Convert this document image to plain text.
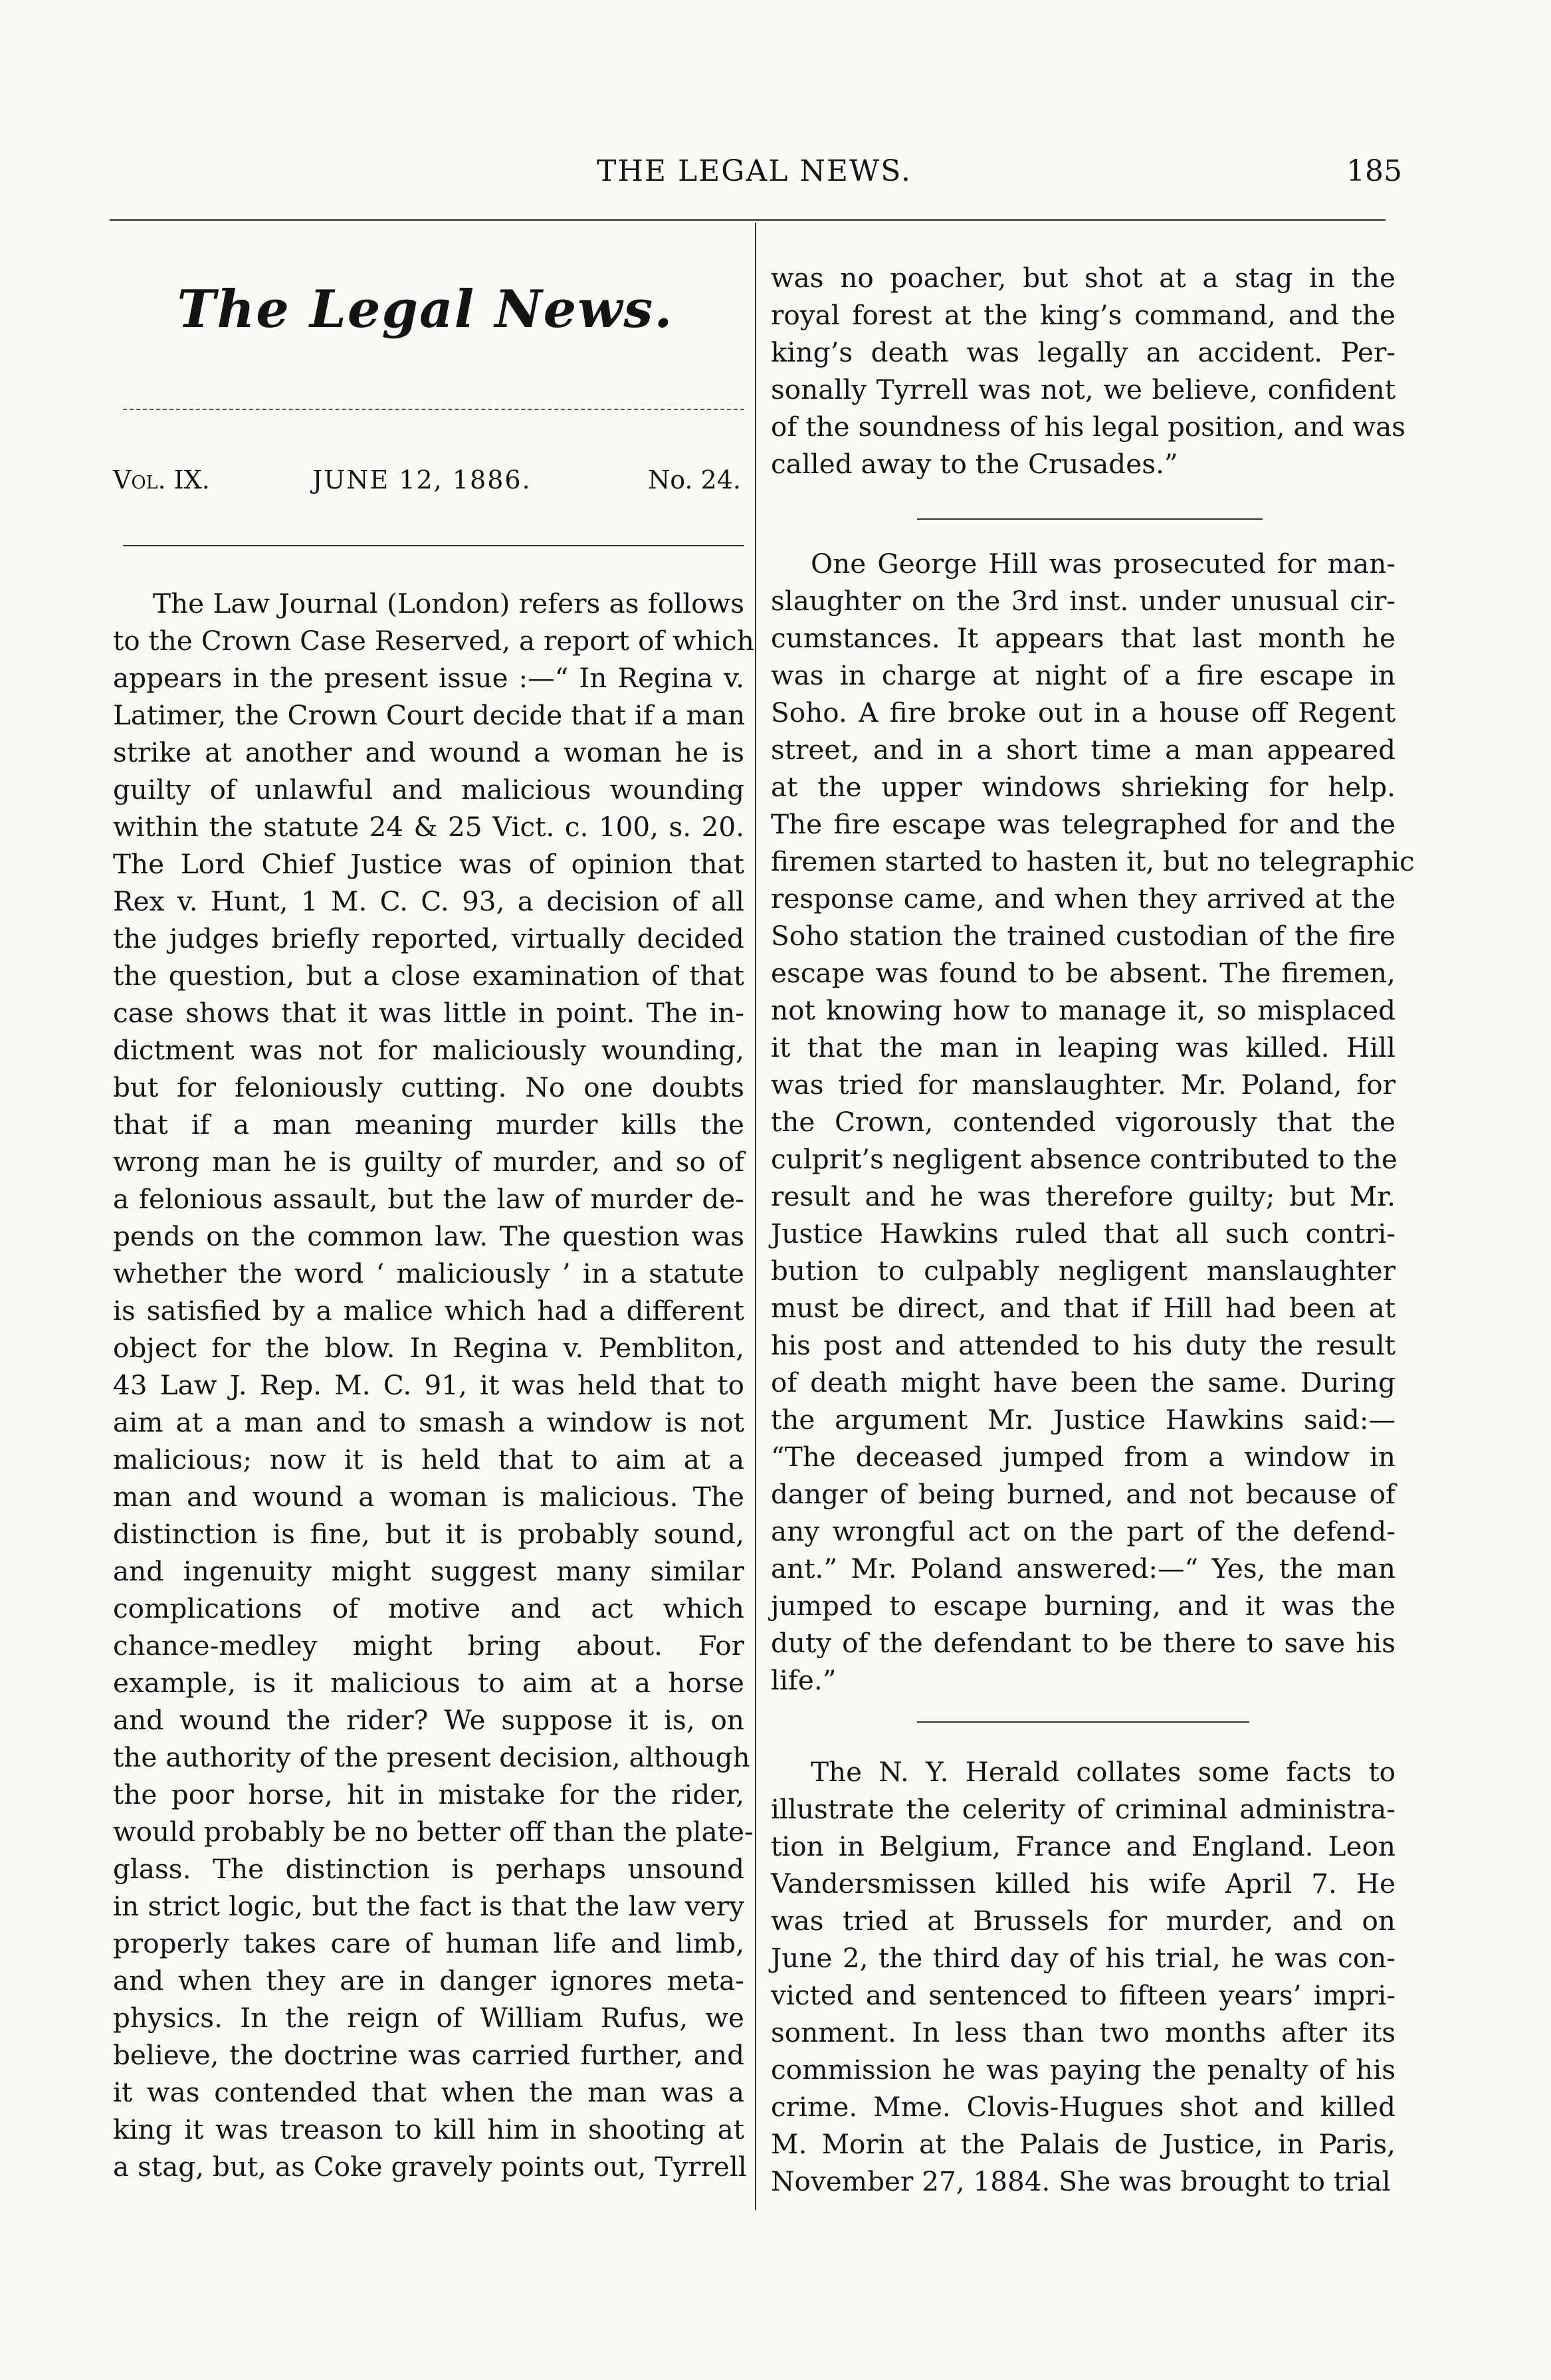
THE LEGAL NEWS.	185
The Legal News.
Vol. IX.	JUNE 12, 1886.	No. 24.
The Law Journal (London) refers as follows
to the Crown Case Reserved, a report of which
appears in the present issue :—“ In Regina v.
Latimer, the Crown Court decide that if a man
strike at another and wound a woman he is
guilty of unlawful and malicious wounding
within the statute 24 & 25 Vict. c. 100, s. 20.
The Lord Chief Justice was of opinion that
Rex v. Hunt, 1 M. C. C. 93, a decision of all
the judges briefly reported, virtually decided
the question, but a close examination of that
case shows that it was little in point. The in-
dictment was not for maliciously wounding,
but for feloniously cutting. No one doubts
that if a man meaning murder kills the
wrong man he is guilty of murder, and so of
a felonious assault, but the law of murder de-
pends on the common law. The question was
whether the word ‘ maliciously ’ in a statute
is satisfied by a malice which had a different
object for the blow. In Regina v. Pembliton,
43 Law J. Rep. M. C. 91, it was held that to
aim at a man and to smash a window is not
malicious; now it is held that to aim at a
man and wound a woman is malicious. The
distinction is fine, but it is probably sound,
and ingenuity might suggest many similar
complications of motive and act which
chance-medley might bring about. For
example, is it malicious to aim at a horse
and wound the rider? We suppose it is, on
the authority of the present decision, although
the poor horse, hit in mistake for the rider,
would probably be no better off than the plate-
glass. The distinction is perhaps unsound
in strict logic, but the fact is that the law very
properly takes care of human life and limb,
and when they are in danger ignores meta-
physics. In the reign of William Rufus, we
believe, the doctrine was carried further, and
it was contended that when the man was a
king it was treason to kill him in shooting at
a stag, but, as Coke gravely points out, Tyrrell
was no poacher, but shot at a stag in the
royal forest at the king’s command, and the
king’s death was legally an accident. Per-
sonally Tyrrell was not, we believe, confident
of the soundness of his legal position, and was
called away to the Crusades.”
One George Hill was prosecuted for man-
slaughter on the 3rd inst. under unusual cir-
cumstances. It appears that last month he
was in charge at night of a fire escape in
Soho. A fire broke out in a house off Regent
street, and in a short time a man appeared
at the upper windows shrieking for help.
The fire escape was telegraphed for and the
firemen started to hasten it, but no telegraphic
response came, and when they arrived at the
Soho station the trained custodian of the fire
escape was found to be absent. The firemen,
not knowing how to manage it, so misplaced
it that the man in leaping was killed. Hill
was tried for manslaughter. Mr. Poland, for
the Crown, contended vigorously that the
culprit’s negligent absence contributed to the
result and he was therefore guilty; but Mr.
Justice Hawkins ruled that all such contri-
bution to culpably negligent manslaughter
must be direct, and that if Hill had been at
his post and attended to his duty the result
of death might have been the same. During
the argument Mr. Justice Hawkins said:—
“The deceased jumped from a window in
danger of being burned, and not because of
any wrongful act on the part of the defend-
ant.” Mr. Poland answered:—“ Yes, the man
jumped to escape burning, and it was the
duty of the defendant to be there to save his
life.”
The N. Y. Herald collates some facts to
illustrate the celerity of criminal administra-
tion in Belgium, France and England. Leon
Vandersmissen killed his wife April 7. He
was tried at Brussels for murder, and on
June 2, the third day of his trial, he was con-
victed and sentenced to fifteen years’ impri-
sonment. In less than two months after its
commission he was paying the penalty of his
crime. Mme. Clovis-Hugues shot and killed
M. Morin at the Palais de Justice, in Paris,
November 27, 1884. She was brought to trial
